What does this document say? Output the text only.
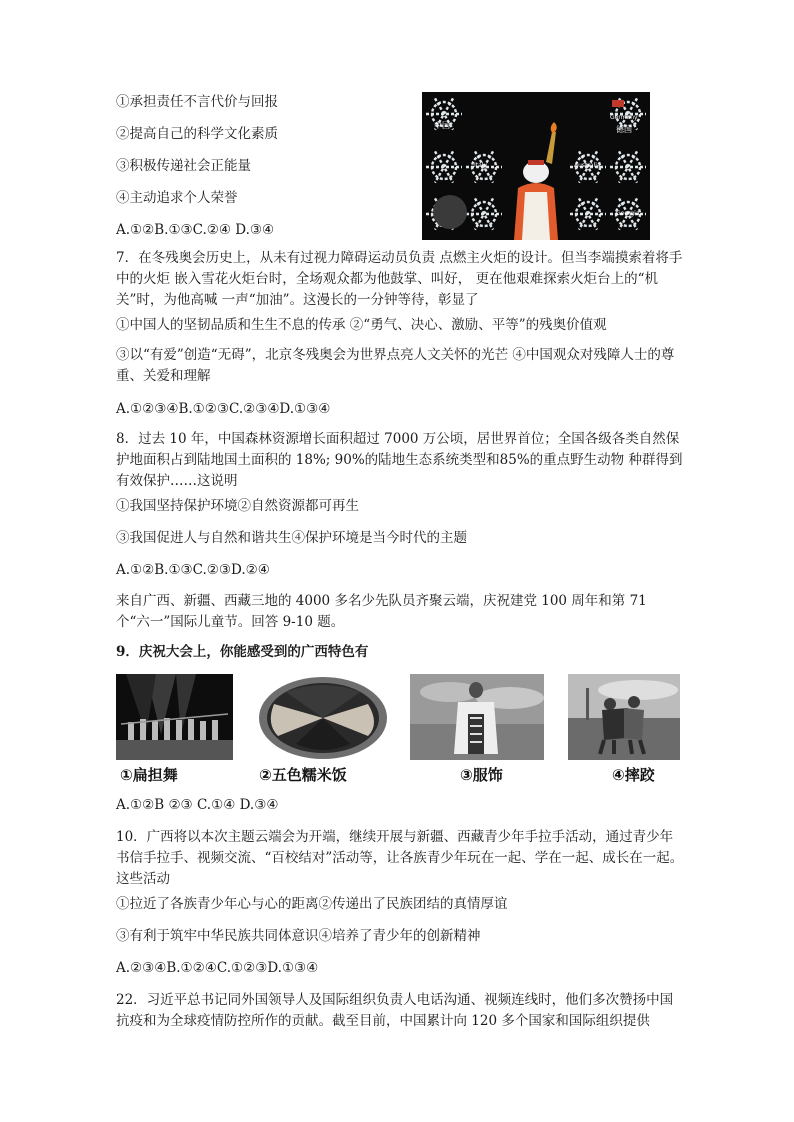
①承担责任不言代价与回报
②提高自己的科学文化素质
③积极传递社会正能量
④主动追求个人荣誉
A.①②B.①③C.②④ D.③④
中国
Germany
德国
Italy	Australia
Georgia
7．在冬残奥会历史上，从未有过视力障碍运动员负责 点燃主火炬的设计。但当李端摸索着将手中的火炬 嵌入雪花火炬台时，全场观众都为他鼓掌、叫好， 更在他艰难探索火炬台上的“机关”时，为他高喊 一声“加油”。这漫长的一分钟等待，彰显了
①中国人的坚韧品质和生生不息的传承 ②“勇气、决心、激励、平等”的残奥价值观
③以“有爱”创造“无碍”，北京冬残奥会为世界点亮人文关怀的光芒 ④中国观众对残障人士的尊重、关爱和理解
A.①②③④B.①②③C.②③④D.①③④
8．过去 10 年，中国森林资源增长面积超过 7000 万公顷，居世界首位；全国各级各类自然保护地面积占到陆地国土面积的 18%; 90%的陆地生态系统类型和85%的重点野生动物 种群得到有效保护……这说明
①我国坚持保护环境②自然资源都可再生
③我国促进人与自然和谐共生④保护环境是当今时代的主题
A.①②B.①③C.②③D.②④
来自广西、新疆、西藏三地的 4000 多名少先队员齐聚云端，庆祝建党 100 周年和第 71 个“六一”国际儿童节。回答 9-10 题。
9．庆祝大会上，你能感受到的广西特色有
①扁担舞	②五色糯米饭	③服饰	④摔跤
A.①②B ②③ C.①④ D.③④
10．广西将以本次主题云端会为开端，继续开展与新疆、西藏青少年手拉手活动，通过青少年书信手拉手、视频交流、“百校结对”活动等，让各族青少年玩在一起、学在一起、成长在一起。这些活动
①拉近了各族青少年心与心的距离②传递出了民族团结的真情厚谊
③有利于筑牢中华民族共同体意识④培养了青少年的创新精神
A.②③④B.①②④C.①②③D.①③④
22．习近平总书记同外国领导人及国际组织负责人电话沟通、视频连线时，他们多次赞扬中国抗疫和为全球疫情防控所作的贡献。截至目前，中国累计向 120 多个国家和国际组织提供
